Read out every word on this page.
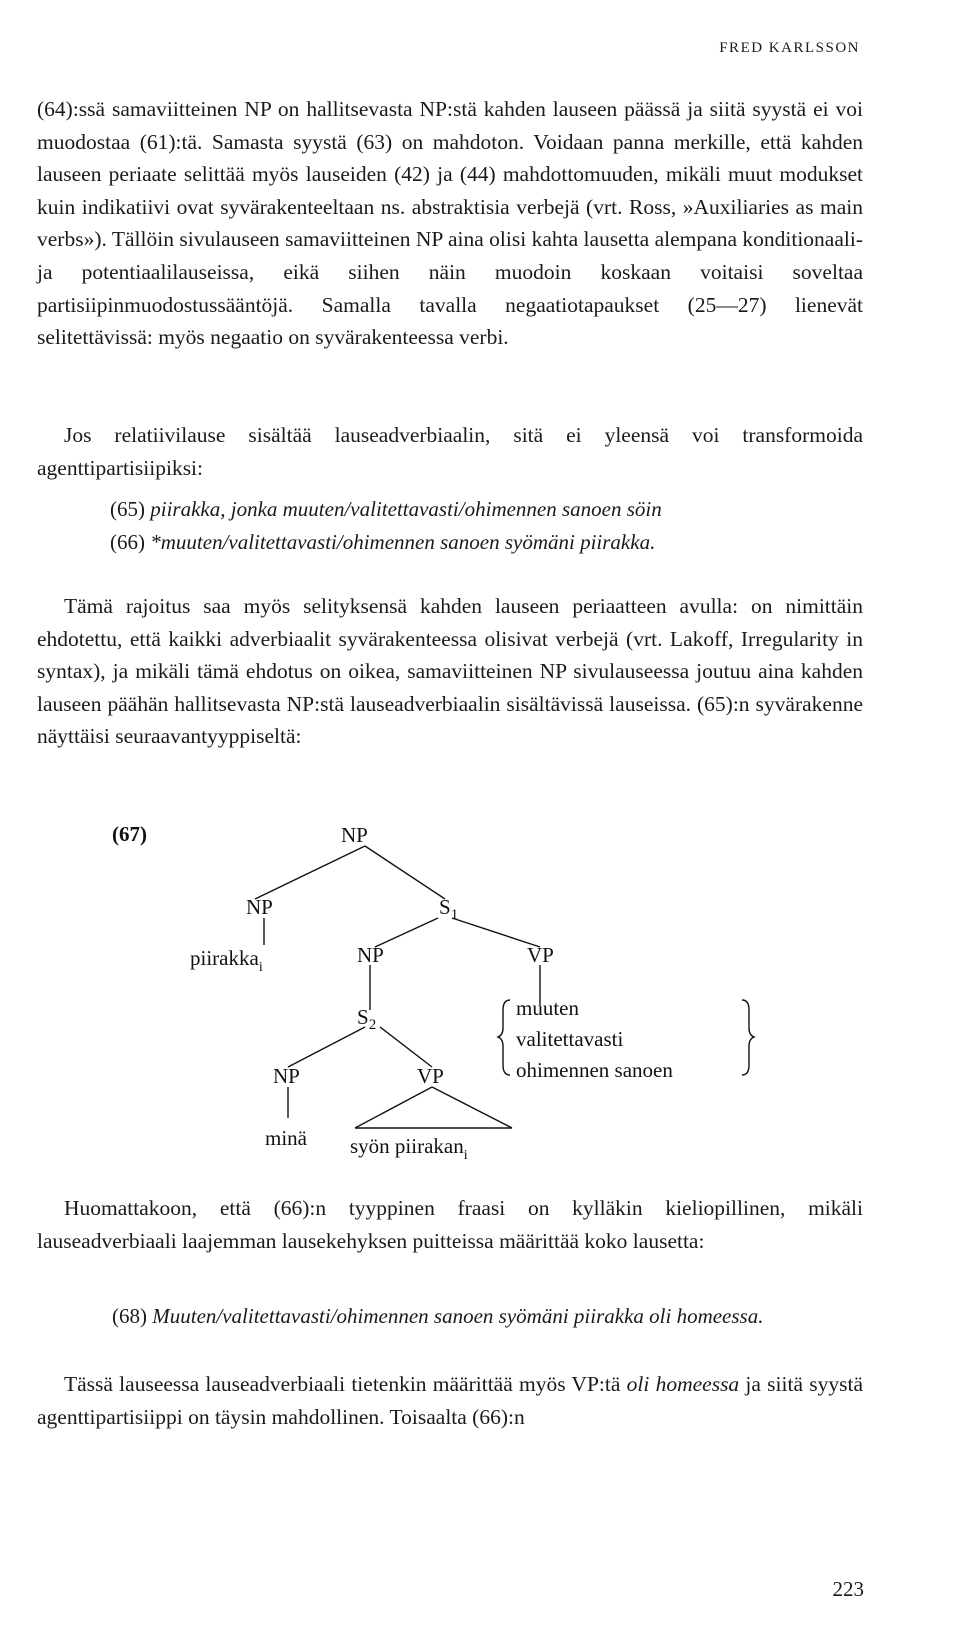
FRED KARLSSON

(64):ssä samaviitteinen NP on hallitsevasta NP:stä kahden lauseen päässä ja siitä syystä ei voi muodostaa (61):tä. Samasta syystä (63) on mahdoton. Voidaan panna merkille, että kahden lauseen periaate selittää myös lauseiden (42) ja (44) mahdottomuuden, mikäli muut modukset kuin indikatiivi ovat syvärakenteeltaan ns. abstraktisia verbejä (vrt. Ross, »Auxiliaries as main verbs»). Tällöin sivulauseen samaviitteinen NP aina olisi kahta lausetta alempana konditionaali- ja potentiaalilauseissa, eikä siihen näin muodoin koskaan voitaisi soveltaa partisiipinmuodostussääntöjä. Samalla tavalla negaatiotapaukset (25—27) lienevät selitettävissä: myös negaatio on syvärakenteessa verbi.

Jos relatiivilause sisältää lauseadverbiaalin, sitä ei yleensä voi transformoida agenttipartisiipiksi:

(65) piirakka, jonka muuten/valitettavasti/ohimennen sanoen söin
(66) *muuten/valitettavasti/ohimennen sanoen syömäni piirakka.

Tämä rajoitus saa myös selityksensä kahden lauseen periaatteen avulla: on nimittäin ehdotettu, että kaikki adverbiaalit syvärakenteessa olisivat verbejä (vrt. Lakoff, Irregularity in syntax), ja mikäli tämä ehdotus on oikea, samaviitteinen NP sivulauseessa joutuu aina kahden lauseen päähän hallitsevasta NP:stä lauseadverbiaalin sisältävissä lauseissa. (65):n syvärakenne näyttäisi seuraavantyyppiseltä:

(67)	NP
NP
piirakka$_i$
$S_1$
NP	VP
$S_2$
NP	VP
minä syön piirakan$_i$
muuten
valitettavasti
ohimennen sanoen

Huomattakoon, että (66):n tyyppinen fraasi on kylläkin kieliopillinen, mikäli lauseadverbiaali laajemman lausekehyksen puitteissa määrittää koko lausetta:

(68) Muuten/valitettavasti/ohimennen sanoen syömäni piirakka oli homeessa.

Tässä lauseessa lauseadverbiaali tietenkin määrittää myös VP:tä oli homeessa ja siitä syystä agenttipartisiippi on täysin mahdollinen. Toisaalta (66):n

223
